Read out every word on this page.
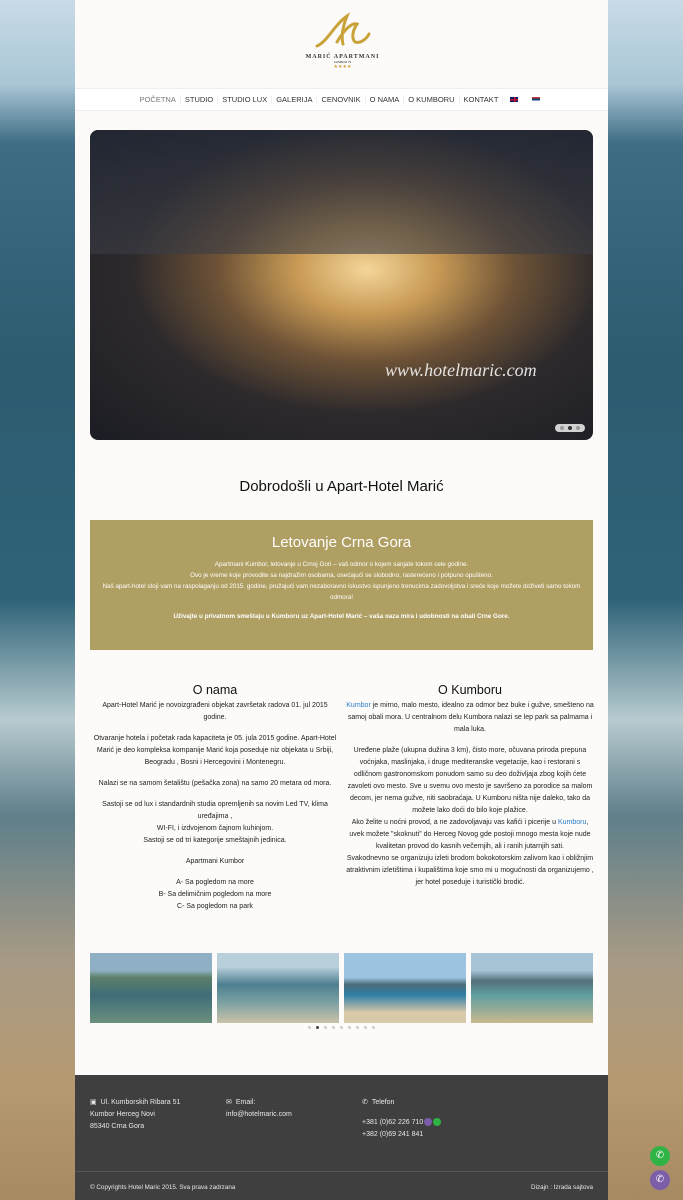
MARIĆ APARTMANI
KUMBOR 79
★★★★
POČETNA	STUDIO	STUDIO LUX	GALERIJA	CENOVNIK	O NAMA	O KUMBORU	KONTAKT
www.hotelmaric.com
Dobrodošli u Apart-Hotel Marić
Letovanje Crna Gora

Apartmani Kumbor, letovanje u Crnoj Gori – vaš odmor o kojem sanjate tokom cele godine.

Ovo je vreme koje provodite sa najdražim osobama, osećajući se slobodno, rasterećeno i potpuno opušteno.

Naš apart-hotel stoji vam na raspolaganju od 2015. godine, pružajući vam nezaboravno iskustvo ispunjeno trenucima zadovoljstva i sreće koje možete doživeti samo tokom odmora!

Uživajte u privatnom smeštaju u Kumboru uz Apart-Hotel Marić – vaša oaza mira i udobnosti na obali Crne Gore.

O nama

Apart-Hotel Marić je novoizgrađeni objekat završetak radova 01. jul 2015 godine.

Otvaranje hotela i početak rada kapaciteta je 05. jula 2015 godine. Apart-Hotel Marić je deo kompleksa kompanije Marić koja poseduje niz objekata u Srbiji, Beogradu , Bosni i Hercegovini i Montenegru.

Nalazi se na samom šetalištu (pešačka zona) na samo 20 metara od mora.

Sastoji se od lux i standardnih studia opremljenih sa novim Led TV, klima uređajima ,
WI-FI, i izdvojenom čajnom kuhinjom.

Sastoji se od tri kategorije smeštajnih jedinica.

Apartmani Kumbor

A- Sa pogledom na more
B- Sa delimičnim pogledom na more
C- Sa pogledom na park
O Kumboru

Kumbor je mirno, malo mesto, idealno za odmor bez buke i gužve, smešteno na samoj obali mora. U centralnom delu Kumbora nalazi se lep park sa palmama i mala luka.

Uređene plaže (ukupna dužina 3 km), čisto more, očuvana priroda prepuna voćnjaka, maslinjaka, i druge mediteranske vegetacije, kao i restorani s odličnom gastronomskom ponudom samo su deo doživljaja zbog kojih ćete zavoleti ovo mesto. Sve u svemu ovo mesto je savršeno za porodice sa malom decom, jer nema gužve, niti saobraćaja. U Kumboru ništa nije daleko, tako da možete lako doći do bilo koje plažice.
Ako želite u noćni provod, a ne zadovoljavaju vas kafići i picerije u Kumboru, uvek možete "skoknuti" do Herceg Novog gde postoji mnogo mesta koje nude kvalitetan provod do kasnih večernjih, ali i ranih jutarnjih sati.
Svakodnevno se organizuju izleti brodom bokokotorskim zalivom kao i obližnjim atraktivnim izletištima i kupalištima koje smo mi u mogućnosti da organizujemo , jer hotel poseduje i turistički brodić.
▣ Ul. Kumborskih Ribara 51
Kumbor Herceg Novi
85340 Crna Gora
✉ Email:
info@hotelmaric.com
✆ Telefon
+381 (0)62 226 710
+382 (0)69 241 841
© Copyrights Hotel Maric 2015. Sva prava zadrzana	Dizajn : Izrada sajtova
✆
✆
